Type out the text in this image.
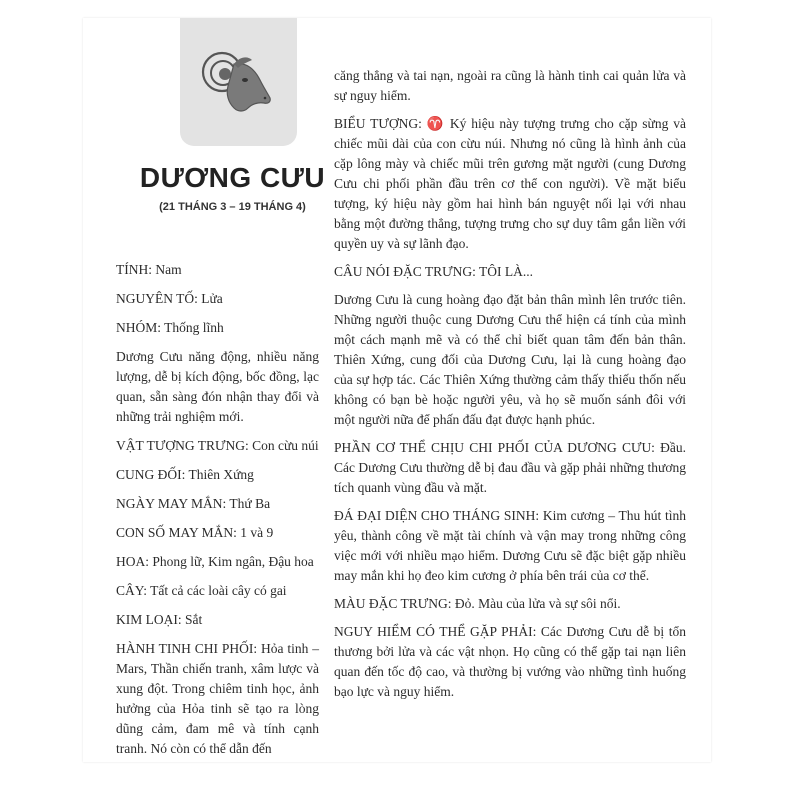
DƯƠNG CƯU
(21 THÁNG 3 – 19 THÁNG 4)

TÍNH: Nam

NGUYÊN TỐ: Lửa

NHÓM: Thống lĩnh

Dương Cưu năng động, nhiều năng lượng, dễ bị kích động, bốc đồng, lạc quan, sẵn sàng đón nhận thay đổi và những trải nghiệm mới.

VẬT TƯỢNG TRƯNG: Con cừu núi

CUNG ĐỐI: Thiên Xứng

NGÀY MAY MẮN: Thứ Ba

CON SỐ MAY MẮN: 1 và 9

HOA: Phong lữ, Kim ngân, Đậu hoa

CÂY: Tất cả các loài cây có gai

KIM LOẠI: Sắt

HÀNH TINH CHI PHỐI: Hỏa tinh – Mars, Thần chiến tranh, xâm lược và xung đột. Trong chiêm tinh học, ảnh hưởng của Hỏa tinh sẽ tạo ra lòng dũng cảm, đam mê và tính cạnh tranh. Nó còn có thể dẫn đến

căng thẳng và tai nạn, ngoài ra cũng là hành tinh cai quản lửa và sự nguy hiểm.

BIỂU TƯỢNG: ♈ Ký hiệu này tượng trưng cho cặp sừng và chiếc mũi dài của con cừu núi. Nhưng nó cũng là hình ảnh của cặp lông mày và chiếc mũi trên gương mặt người (cung Dương Cưu chi phối phần đầu trên cơ thể con người). Về mặt biểu tượng, ký hiệu này gồm hai hình bán nguyệt nối lại với nhau bằng một đường thẳng, tượng trưng cho sự duy tâm gắn liền với quyền uy và sự lãnh đạo.

CÂU NÓI ĐẶC TRƯNG: TÔI LÀ...

Dương Cưu là cung hoàng đạo đặt bản thân mình lên trước tiên. Những người thuộc cung Dương Cưu thể hiện cá tính của mình một cách mạnh mẽ và có thể chỉ biết quan tâm đến bản thân. Thiên Xứng, cung đối của Dương Cưu, lại là cung hoàng đạo của sự hợp tác. Các Thiên Xứng thường cảm thấy thiếu thốn nếu không có bạn bè hoặc người yêu, và họ sẽ muốn sánh đôi với một người nữa để phấn đấu đạt được hạnh phúc.

PHẦN CƠ THỂ CHỊU CHI PHỐI CỦA DƯƠNG CƯU: Đầu. Các Dương Cưu thường dễ bị đau đầu và gặp phải những thương tích quanh vùng đầu và mặt.

ĐÁ ĐẠI DIỆN CHO THÁNG SINH: Kim cương – Thu hút tình yêu, thành công về mặt tài chính và vận may trong những công việc mới với nhiều mạo hiểm. Dương Cưu sẽ đặc biệt gặp nhiều may mắn khi họ đeo kim cương ở phía bên trái của cơ thể.

MÀU ĐẶC TRƯNG: Đỏ. Màu của lửa và sự sôi nổi.

NGUY HIỂM CÓ THỂ GẶP PHẢI: Các Dương Cưu dễ bị tổn thương bởi lửa và các vật nhọn. Họ cũng có thể gặp tai nạn liên quan đến tốc độ cao, và thường bị vướng vào những tình huống bạo lực và nguy hiểm.
